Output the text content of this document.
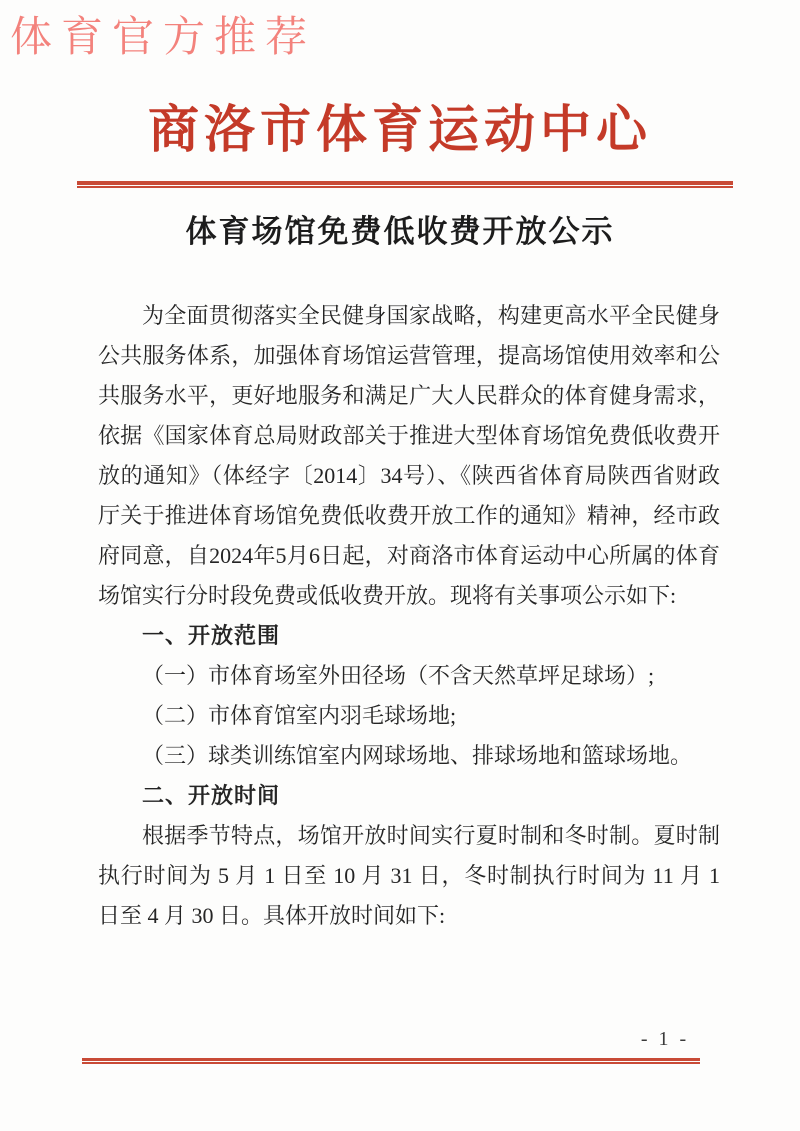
体育官方推荐
商洛市体育运动中心
体育场馆免费低收费开放公示

为全面贯彻落实全民健身国家战略，构建更高水平全民健身公共服务体系，加强体育场馆运营管理，提高场馆使用效率和公共服务水平，更好地服务和满足广大人民群众的体育健身需求，依据《国家体育总局财政部关于推进大型体育场馆免费低收费开放的通知》（体经字〔2014〕34号）、《陕西省体育局陕西省财政厅关于推进体育场馆免费低收费开放工作的通知》精神，经市政府同意，自2024年5月6日起，对商洛市体育运动中心所属的体育场馆实行分时段免费或低收费开放。现将有关事项公示如下:

一、开放范围

（一）市体育场室外田径场（不含天然草坪足球场）;

（二）市体育馆室内羽毛球场地;

（三）球类训练馆室内网球场地、排球场地和篮球场地。

二、开放时间

根据季节特点，场馆开放时间实行夏时制和冬时制。夏时制执行时间为 5 月 1 日至 10 月 31 日，冬时制执行时间为 11 月 1 日至 4 月 30 日。具体开放时间如下:

- 1 -
